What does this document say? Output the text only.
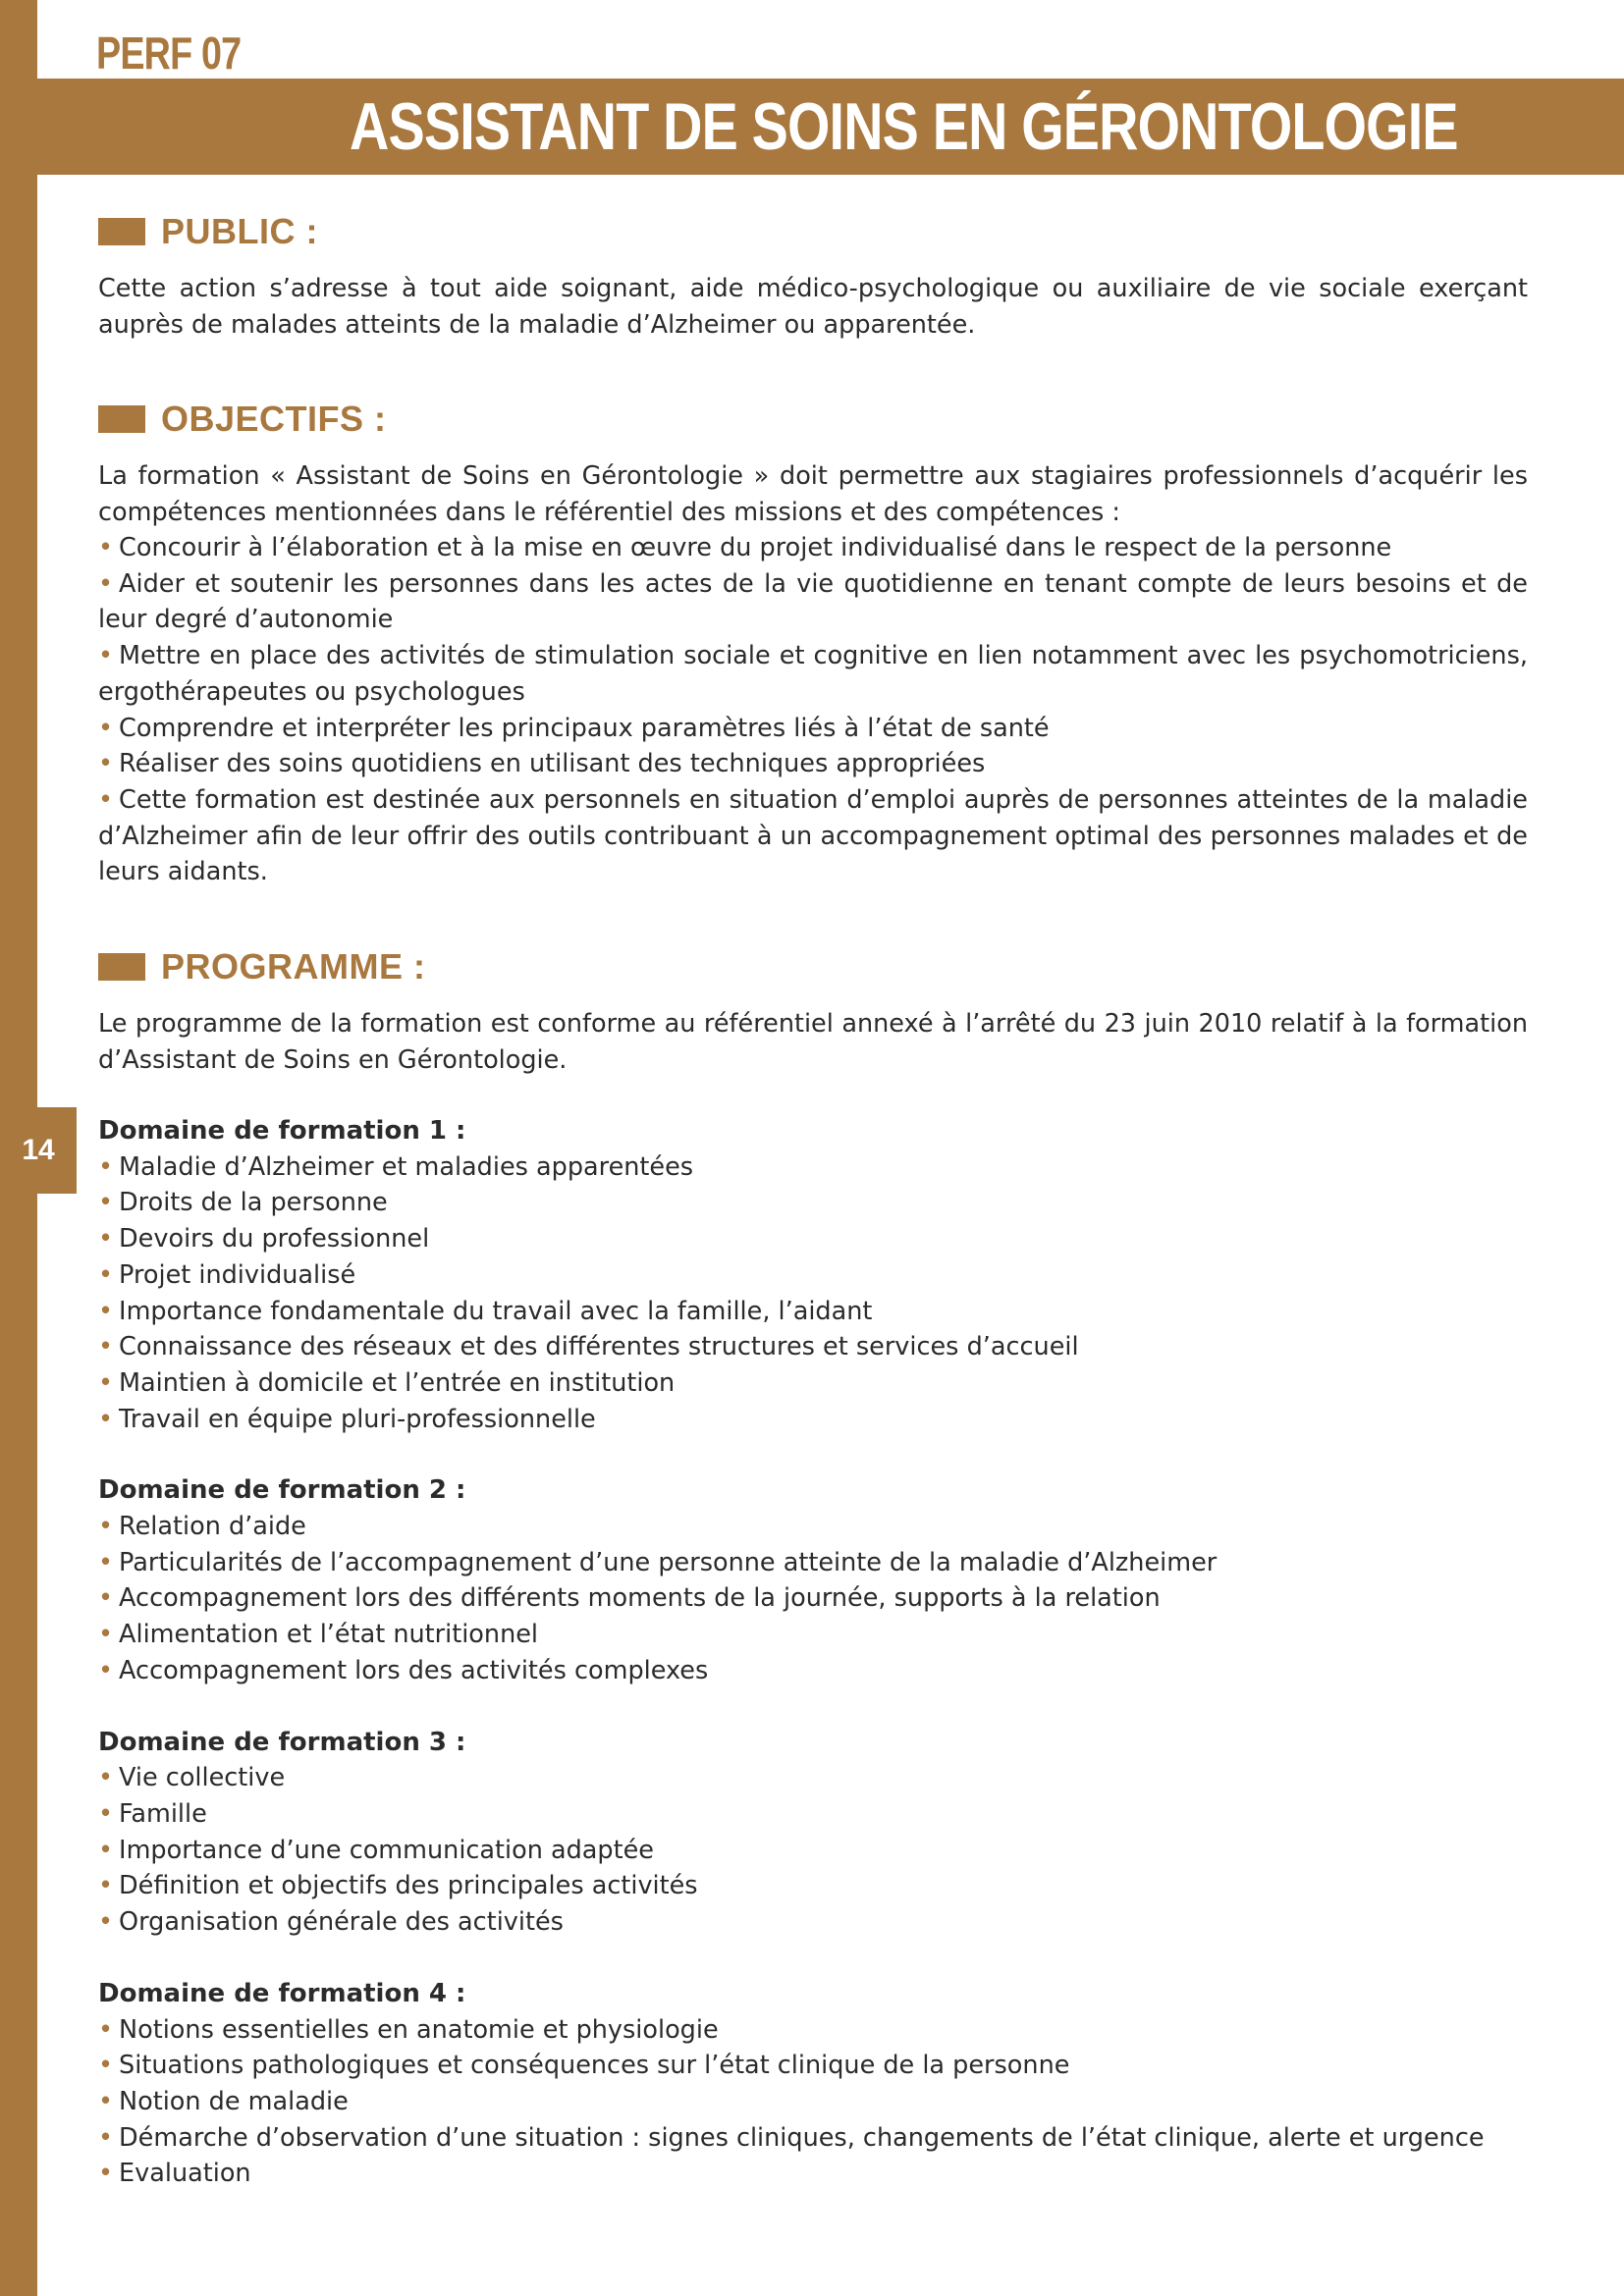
14
PERF 07
ASSISTANT DE SOINS EN GÉRONTOLOGIE
PUBLIC :

Cette action s’adresse à tout aide soignant, aide médico-psychologique ou auxiliaire de vie sociale exerçant auprès de malades atteints de la maladie d’Alzheimer ou apparentée.

OBJECTIFS :

La formation « Assistant de Soins en Gérontologie » doit permettre aux stagiaires professionnels d’acquérir les compétences mentionnées dans le référentiel des missions et des compétences :

• Concourir à l’élaboration et à la mise en œuvre du projet individualisé dans le respect de la personne
• Aider et soutenir les personnes dans les actes de la vie quotidienne en tenant compte de leurs besoins et de leur degré d’autonomie
• Mettre en place des activités de stimulation sociale et cognitive en lien notamment avec les psychomotriciens, ergothérapeutes ou psychologues
• Comprendre et interpréter les principaux paramètres liés à l’état de santé
• Réaliser des soins quotidiens en utilisant des techniques appropriées
• Cette formation est destinée aux personnels en situation d’emploi auprès de personnes atteintes de la maladie d’Alzheimer afin de leur offrir des outils contribuant à un accompagnement optimal des personnes malades et de leurs aidants.
PROGRAMME :

Le programme de la formation est conforme au référentiel annexé à l’arrêté du 23 juin 2010 relatif à la formation d’Assistant de Soins en Gérontologie.

Domaine de formation 1 :

• Maladie d’Alzheimer et maladies apparentées
• Droits de la personne
• Devoirs du professionnel
• Projet individualisé
• Importance fondamentale du travail avec la famille, l’aidant
• Connaissance des réseaux et des différentes structures et services d’accueil
• Maintien à domicile et l’entrée en institution
• Travail en équipe pluri-professionnelle

Domaine de formation 2 :

• Relation d’aide
• Particularités de l’accompagnement d’une personne atteinte de la maladie d’Alzheimer
• Accompagnement lors des différents moments de la journée, supports à la relation
• Alimentation et l’état nutritionnel
• Accompagnement lors des activités complexes

Domaine de formation 3 :

• Vie collective
• Famille
• Importance d’une communication adaptée
• Définition et objectifs des principales activités
• Organisation générale des activités

Domaine de formation 4 :

• Notions essentielles en anatomie et physiologie
• Situations pathologiques et conséquences sur l’état clinique de la personne
• Notion de maladie
• Démarche d’observation d’une situation : signes cliniques, changements de l’état clinique, alerte et urgence
• Evaluation
